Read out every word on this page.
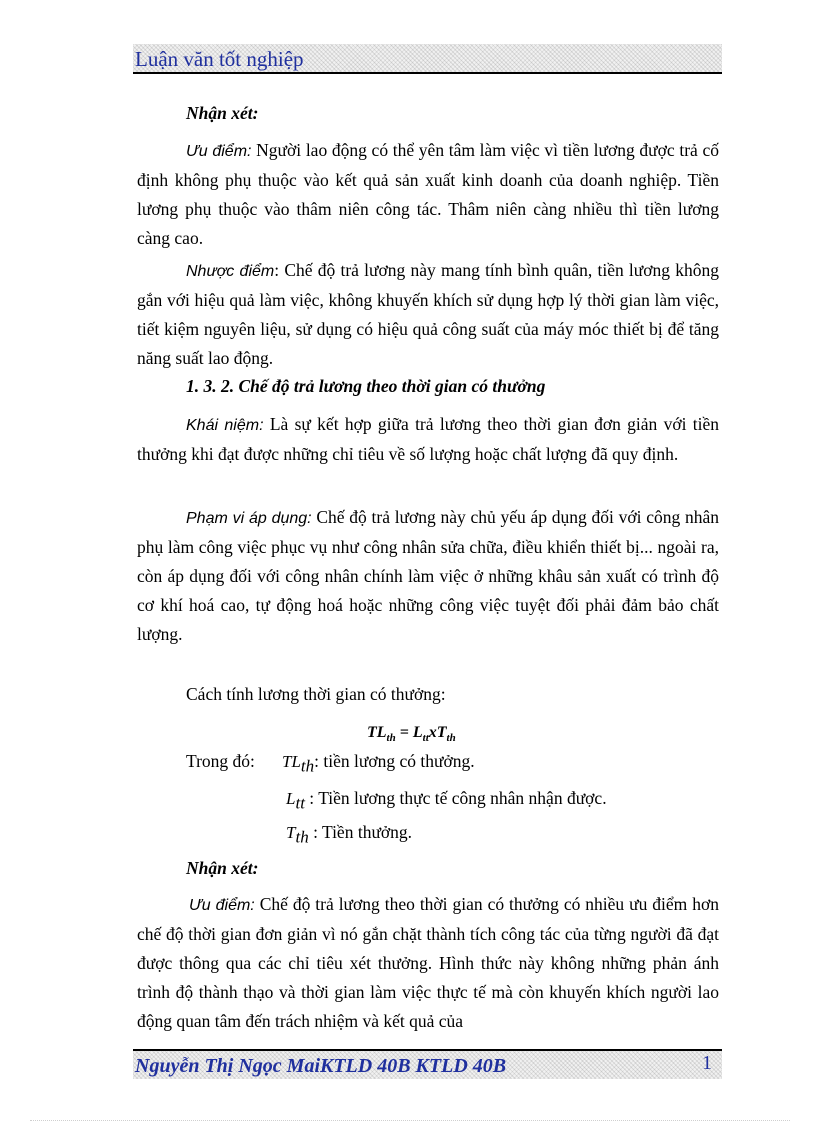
Luận văn tốt nghiệp
Nhận xét:
Ưu điểm: Người lao động có thể yên tâm làm việc vì tiền lương được trả cố định không phụ thuộc vào kết quả sản xuất kinh doanh của doanh nghiệp. Tiền lương phụ thuộc vào thâm niên công tác. Thâm niên càng nhiều thì tiền lương càng cao.
Nhược điểm: Chế độ trả lương này mang tính bình quân, tiền lương không gắn với hiệu quả làm việc, không khuyến khích sử dụng hợp lý thời gian làm việc, tiết kiệm nguyên liệu, sử dụng có hiệu quả công suất của máy móc thiết bị để tăng năng suất lao động.
1. 3. 2. Chế độ trả lương theo thời gian có thưởng
Khái niệm: Là sự kết hợp giữa trả lương theo thời gian đơn giản với tiền thưởng khi đạt được những chỉ tiêu về số lượng hoặc chất lượng đã quy định.
Phạm vi áp dụng: Chế độ trả lương này chủ yếu áp dụng đối với công nhân phụ làm công việc phục vụ như công nhân sửa chữa, điều khiển thiết bị... ngoài ra, còn áp dụng đối với công nhân chính làm việc ở những khâu sản xuất có trình độ cơ khí hoá cao, tự động hoá hoặc những công việc tuyệt đối phải đảm bảo chất lượng.
Cách tính lương thời gian có thưởng:
$TL_{th} = L_{tt}xT_{th}$
Trong đó: $TL_{th}$: tiền lương có thưởng.
$L_{tt}$ : Tiền lương thực tế công nhân nhận được.
$T_{th}$ : Tiền thưởng.
Nhận xét:
Ưu điểm: Chế độ trả lương theo thời gian có thưởng có nhiều ưu điểm hơn chế độ thời gian đơn giản vì nó gắn chặt thành tích công tác của từng người đã đạt được thông qua các chỉ tiêu xét thưởng. Hình thức này không những phản ánh trình độ thành thạo và thời gian làm việc thực tế mà còn khuyến khích người lao động quan tâm đến trách nhiệm và kết quả của
Nguyễn Thị Ngọc MaiKTLD 40B KTLD 40B	1
